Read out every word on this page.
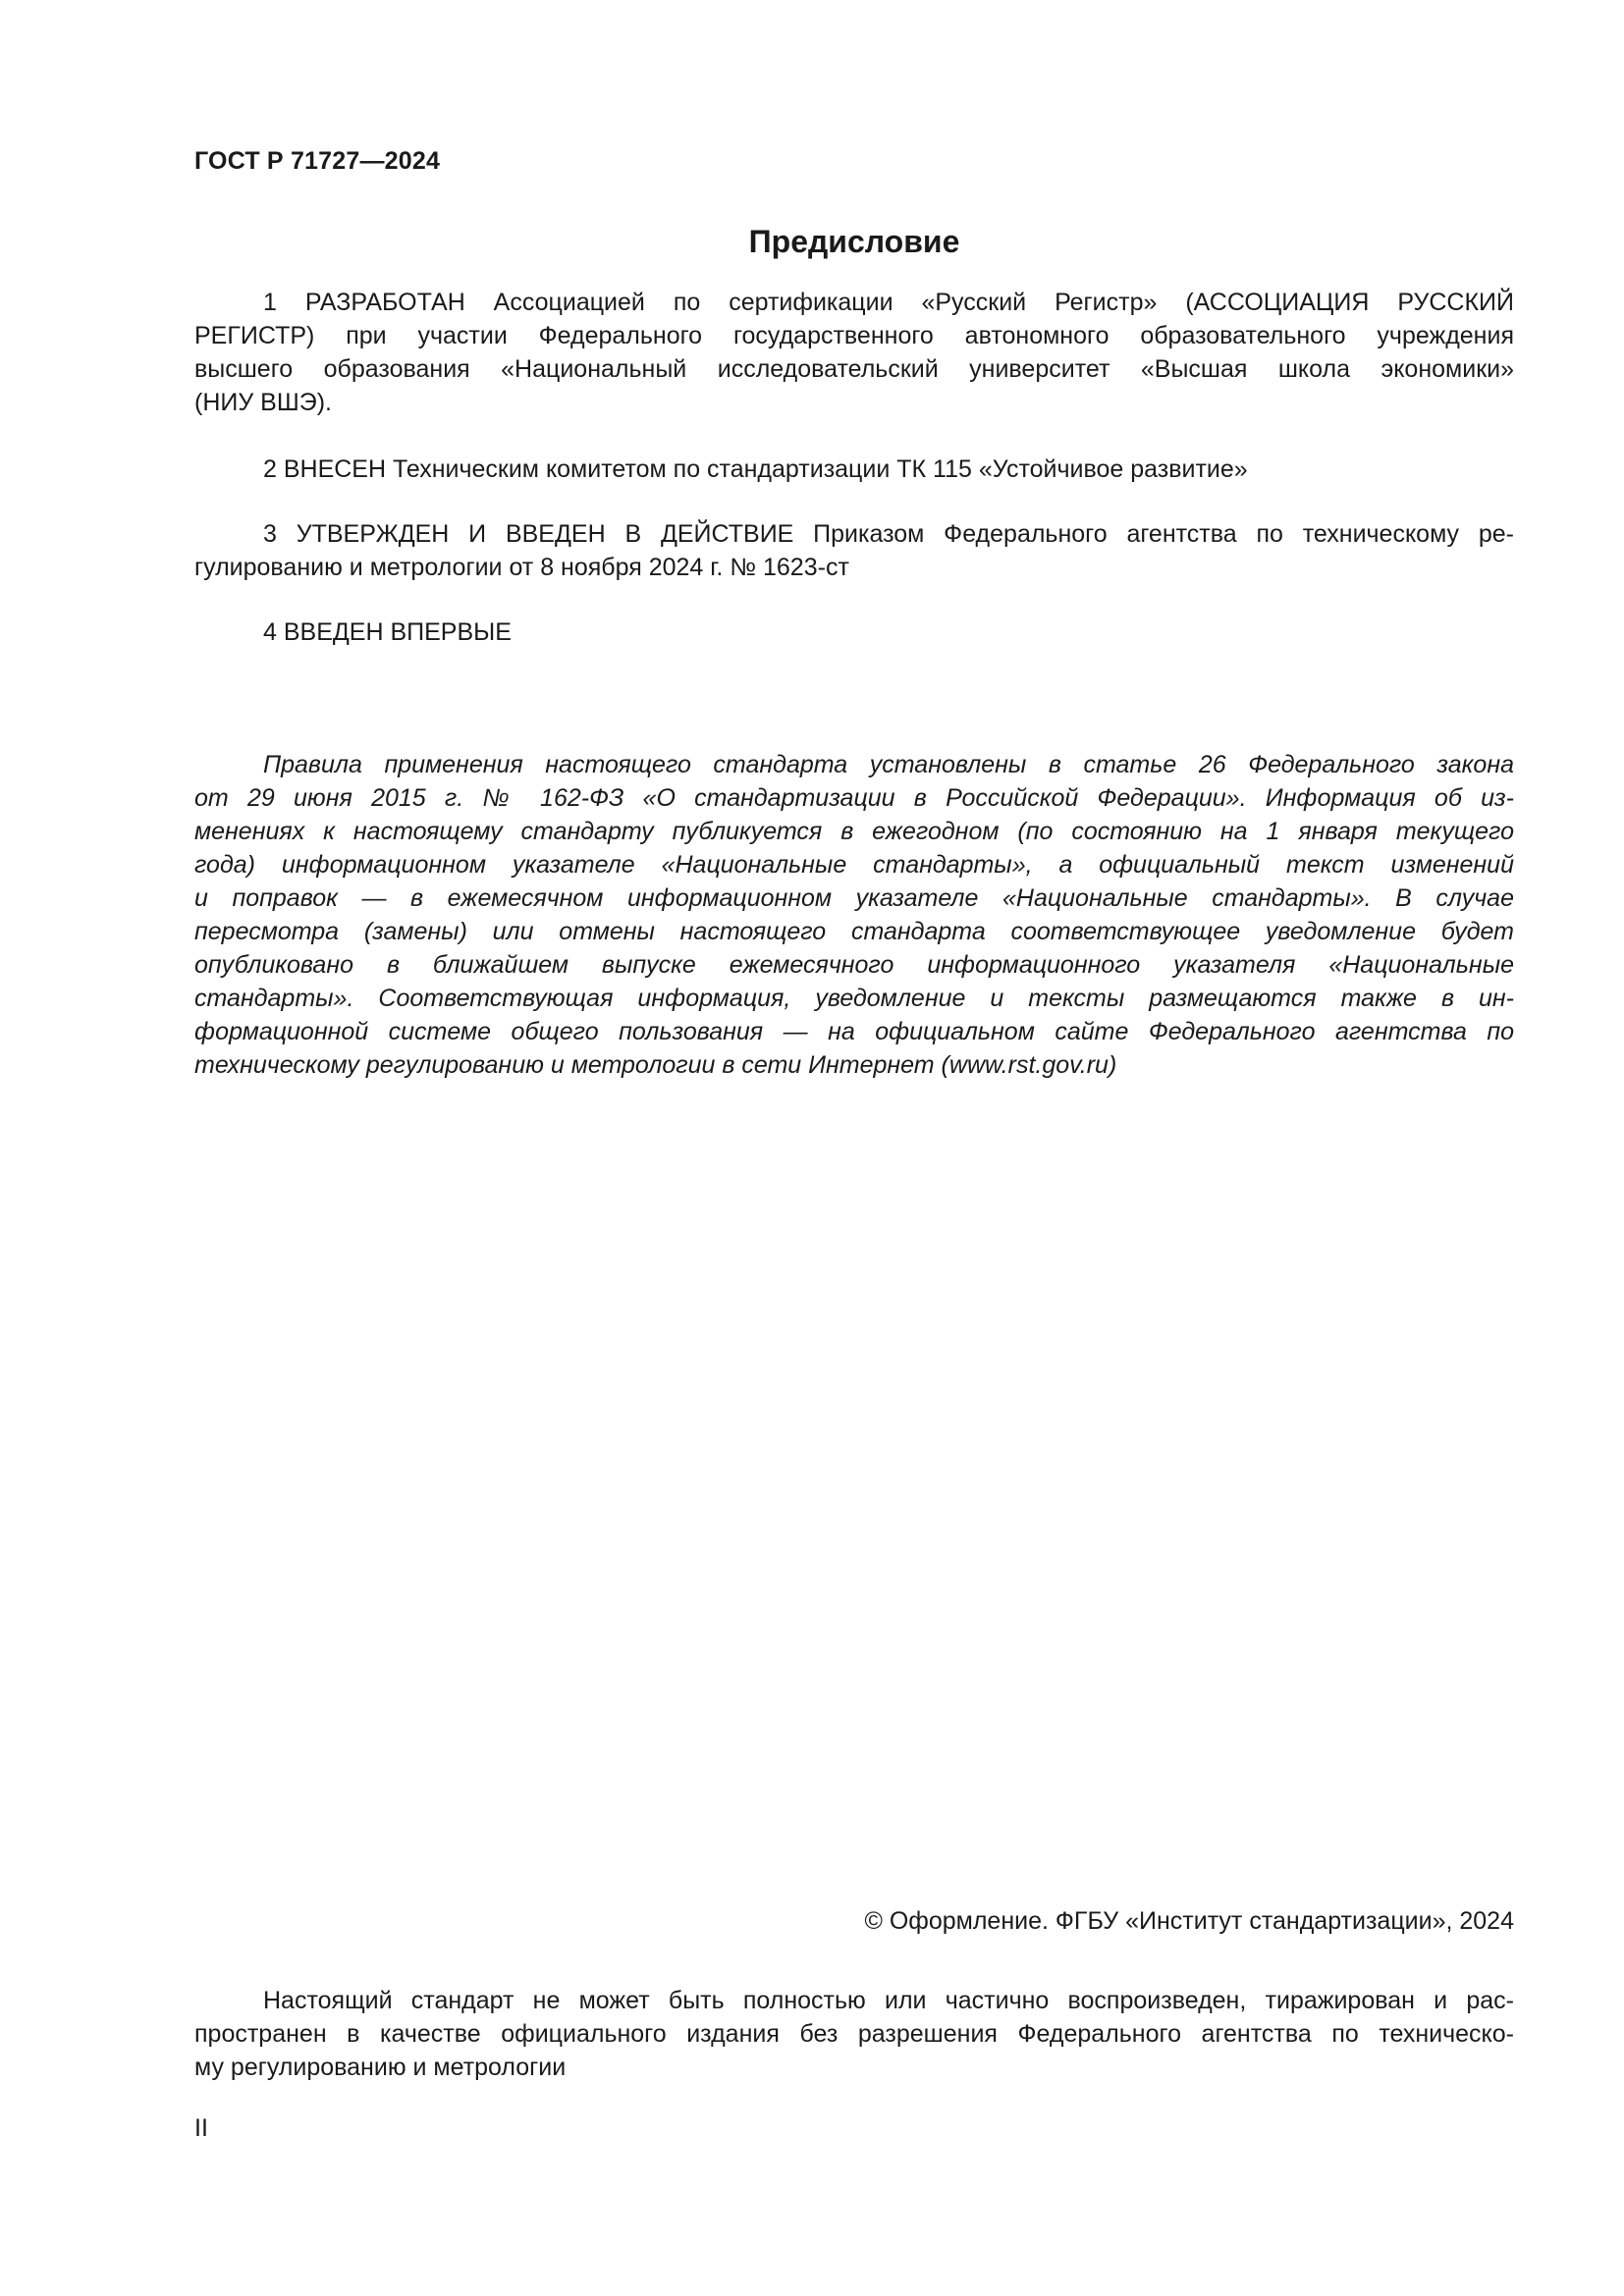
ГОСТ Р 71727—2024

Предисловие
1 РАЗРАБОТАН Ассоциацией по сертификации «Русский Регистр» (АССОЦИАЦИЯ РУССКИЙ
РЕГИСТР) при участии Федерального государственного автономного образовательного учреждения
высшего образования «Национальный исследовательский университет «Высшая школа экономики»
(НИУ ВШЭ).
2 ВНЕСЕН Техническим комитетом по стандартизации ТК 115 «Устойчивое развитие»
3 УТВЕРЖДЕН И ВВЕДЕН В ДЕЙСТВИЕ Приказом Федерального агентства по техническому ре-
гулированию и метрологии от 8 ноября 2024 г. № 1623-ст
4 ВВЕДЕН ВПЕРВЫЕ
Правила применения настоящего стандарта установлены в статье 26 Федерального закона
от 29 июня 2015 г. № 162-ФЗ «О стандартизации в Российской Федерации». Информация об из-
менениях к настоящему стандарту публикуется в ежегодном (по состоянию на 1 января текущего
года) информационном указателе «Национальные стандарты», а официальный текст изменений
и поправок — в ежемесячном информационном указателе «Национальные стандарты». В случае
пересмотра (замены) или отмены настоящего стандарта соответствующее уведомление будет
опубликовано в ближайшем выпуске ежемесячного информационного указателя «Национальные
стандарты». Соответствующая информация, уведомление и тексты размещаются также в ин-
формационной системе общего пользования — на официальном сайте Федерального агентства по
техническому регулированию и метрологии в сети Интернет (www.rst.gov.ru)

© Оформление. ФГБУ «Институт стандартизации», 2024

Настоящий стандарт не может быть полностью или частично воспроизведен, тиражирован и рас-
пространен в качестве официального издания без разрешения Федерального агентства по техническо-
му регулированию и метрологии

II
